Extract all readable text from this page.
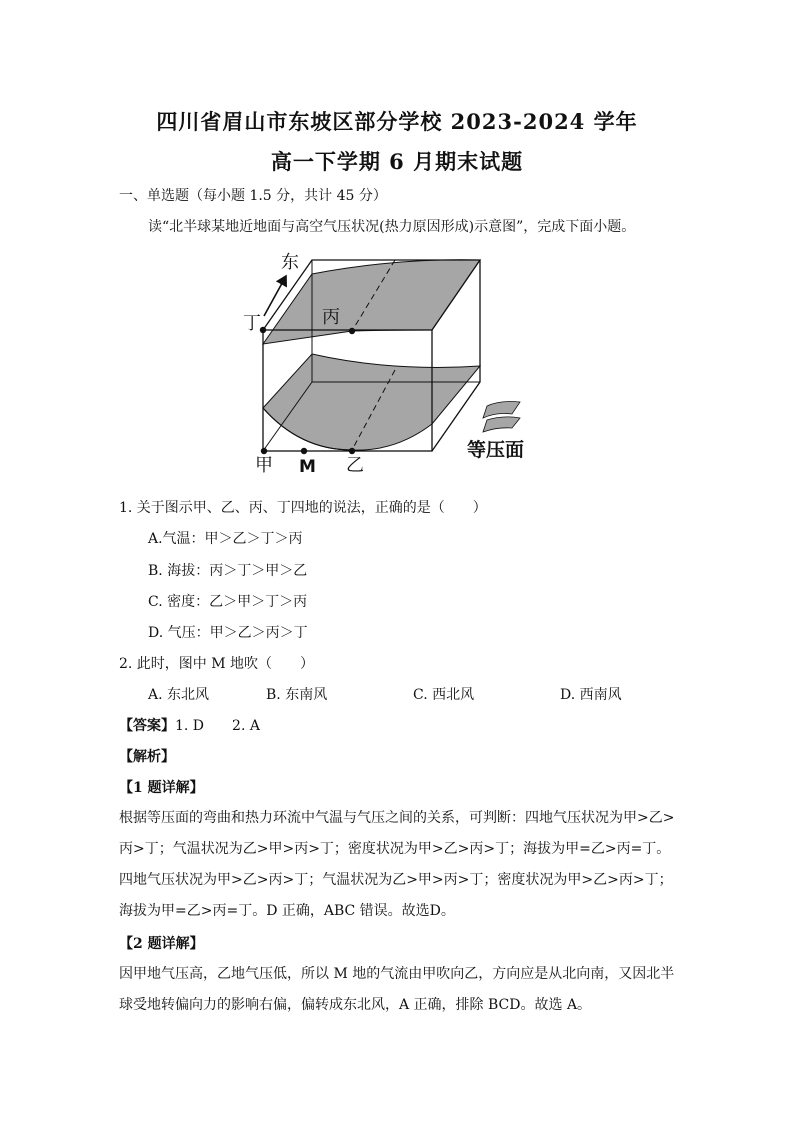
四川省眉山市东坡区部分学校 2023-2024 学年
高一下学期 6 月期末试题
一、单选题（每小题 1.5 分，共计 45 分）
读“北半球某地近地面与高空气压状况(热力原因形成)示意图”，完成下面小题。
东
丁	丙
甲 M 乙
等压面
1. 关于图示甲、乙、丙、丁四地的说法，正确的是（　　）
A.气温：甲＞乙＞丁＞丙
B. 海拔：丙＞丁＞甲＞乙
C. 密度：乙＞甲＞丁＞丙
D. 气压：甲＞乙＞丙＞丁
2. 此时，图中 M 地吹（　　）
A. 东北风	B. 东南风	C. 西北风	D. 西南风
【答案】1. D　　2. A
【解析】
【1 题详解】
根据等压面的弯曲和热力环流中气温与气压之间的关系，可判断：四地气压状况为甲>乙>丙>丁；气温状况为乙>甲>丙>丁；密度状况为甲>乙>丙>丁；海拔为甲=乙>丙=丁。四地气压状况为甲>乙>丙>丁；气温状况为乙>甲>丙>丁；密度状况为甲>乙>丙>丁；海拔为甲=乙>丙=丁。D 正确，ABC 错误。故选D。
【2 题详解】
因甲地气压高，乙地气压低，所以 M 地的气流由甲吹向乙，方向应是从北向南，又因北半球受地转偏向力的影响右偏，偏转成东北风，A 正确，排除 BCD。故选 A。
